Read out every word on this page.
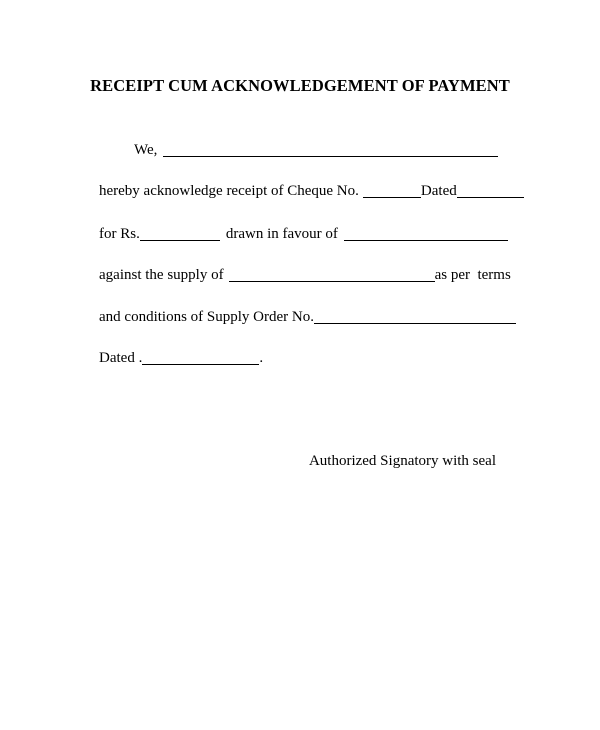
RECEIPT CUM ACKNOWLEDGEMENT OF PAYMENT
We,
hereby acknowledge receipt of Cheque No.	Dated
for Rs.	drawn in favour of
against the supply of	as per  terms
and conditions of Supply Order No.
Dated .	.
Authorized Signatory with seal
